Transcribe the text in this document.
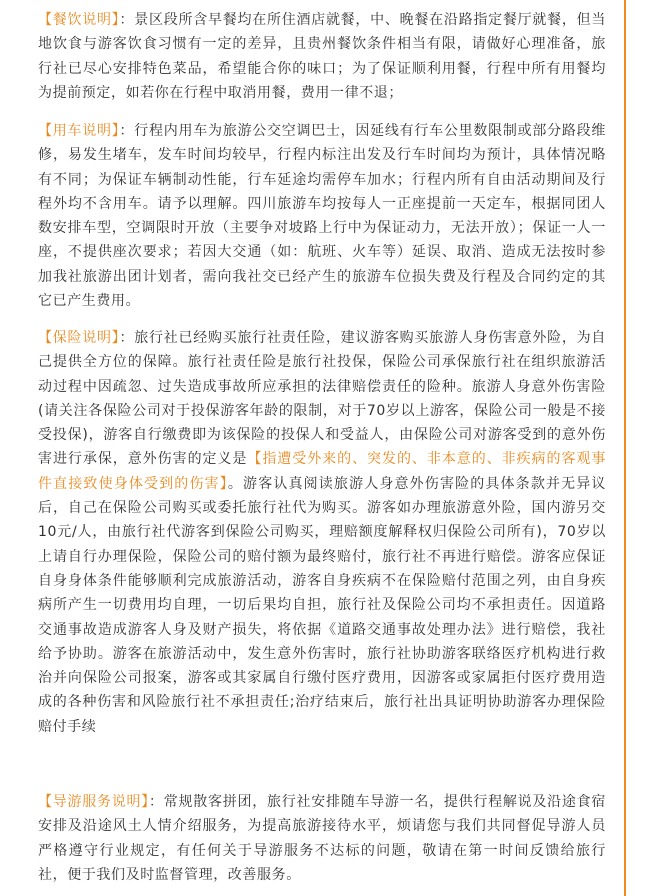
【餐饮说明】：景区段所含早餐均在所住酒店就餐，中、晚餐在沿路指定餐厅就餐，但当地饮食与游客饮食习惯有一定的差异，且贵州餐饮条件相当有限，请做好心理准备，旅行社已尽心安排特色菜品，希望能合你的味口；为了保证顺利用餐，行程中所有用餐均为提前预定，如若你在行程中取消用餐，费用一律不退；

【用车说明】：行程内用车为旅游公交空调巴士，因延线有行车公里数限制或部分路段维修，易发生堵车，发车时间均较早，行程内标注出发及行车时间均为预计，具体情况略有不同；为保证车辆制动性能，行车延途均需停车加水；行程内所有自由活动期间及行程外均不含用车。请予以理解。四川旅游车均按每人一正座提前一天定车，根据同团人数安排车型，空调限时开放（主要争对坡路上行中为保证动力，无法开放）；保证一人一座，不提供座次要求；若因大交通（如：航班、火车等）延误、取消、造成无法按时参加我社旅游出团计划者，需向我社交已经产生的旅游车位损失费及行程及合同约定的其它已产生费用。

【保险说明】：旅行社已经购买旅行社责任险，建议游客购买旅游人身伤害意外险，为自己提供全方位的保障。旅行社责任险是旅行社投保，保险公司承保旅行社在组织旅游活动过程中因疏忽、过失造成事故所应承担的法律赔偿责任的险种。旅游人身意外伤害险(请关注各保险公司对于投保游客年龄的限制，对于70岁以上游客，保险公司一般是不接受投保)，游客自行缴费即为该保险的投保人和受益人，由保险公司对游客受到的意外伤害进行承保，意外伤害的定义是【指遭受外来的、突发的、非本意的、非疾病的客观事件直接致使身体受到的伤害】。游客认真阅读旅游人身意外伤害险的具体条款并无异议后，自己在保险公司购买或委托旅行社代为购买。游客如办理旅游意外险，国内游另交10元/人，由旅行社代游客到保险公司购买，理赔额度解释权归保险公司所有)，70岁以上请自行办理保险，保险公司的赔付额为最终赔付，旅行社不再进行赔偿。游客应保证自身身体条件能够顺利完成旅游活动，游客自身疾病不在保险赔付范围之列，由自身疾病所产生一切费用均自理，一切后果均自担，旅行社及保险公司均不承担责任。因道路交通事故造成游客人身及财产损失，将依据《道路交通事故处理办法》进行赔偿，我社给予协助。游客在旅游活动中，发生意外伤害时，旅行社协助游客联络医疗机构进行救治并向保险公司报案，游客或其家属自行缴付医疗费用，因游客或家属拒付医疗费用造成的各种伤害和风险旅行社不承担责任;治疗结束后，旅行社出具证明协助游客办理保险赔付手续

【导游服务说明】：常规散客拼团，旅行社安排随车导游一名，提供行程解说及沿途食宿安排及沿途风土人情介绍服务，为提高旅游接待水平，烦请您与我们共同督促导游人员严格遵守行业规定，有任何关于导游服务不达标的问题，敬请在第一时间反馈给旅行社，便于我们及时监督管理，改善服务。
